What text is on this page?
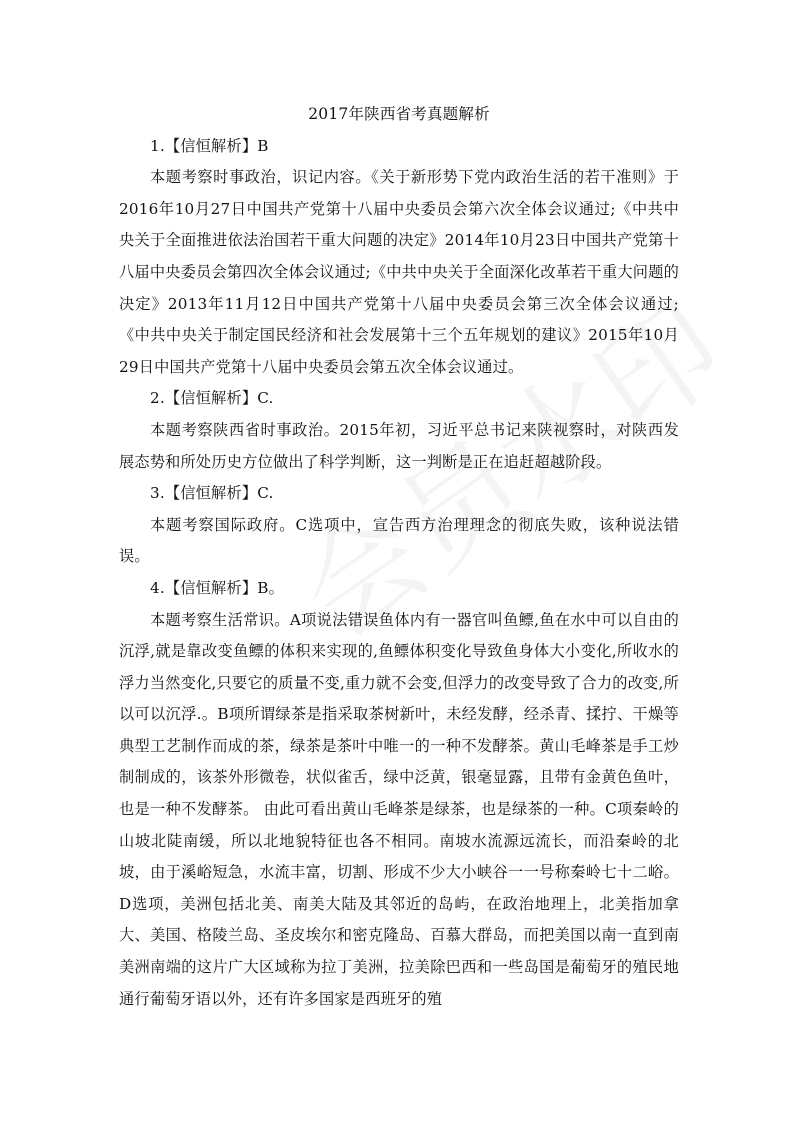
2017年陕西省考真题解析

1.【信恒解析】B

本题考察时事政治，识记内容。《关于新形势下党内政治生活的若干准则》于2016年10月27日中国共产党第十八届中央委员会第六次全体会议通过;《中共中央关于全面推进依法治国若干重大问题的决定》2014年10月23日中国共产党第十八届中央委员会第四次全体会议通过;《中共中央关于全面深化改革若干重大问题的决定》2013年11月12日中国共产党第十八届中央委员会第三次全体会议通过;《中共中央关于制定国民经济和社会发展第十三个五年规划的建议》2015年10月29日中国共产党第十八届中央委员会第五次全体会议通过。

2.【信恒解析】C.

本题考察陕西省时事政治。2015年初，习近平总书记来陕视察时，对陕西发展态势和所处历史方位做出了科学判断，这一判断是正在追赶超越阶段。

3.【信恒解析】C.

本题考察国际政府。C选项中，宣告西方治理理念的彻底失败，该种说法错误。

4.【信恒解析】B。

本题考察生活常识。A项说法错误鱼体内有一器官叫鱼鳔,鱼在水中可以自由的沉浮,就是靠改变鱼鳔的体积来实现的,鱼鳔体积变化导致鱼身体大小变化,所收水的浮力当然变化,只要它的质量不变,重力就不会变,但浮力的改变导致了合力的改变,所以可以沉浮.。B项所谓绿茶是指采取茶树新叶，未经发酵，经杀青、揉拧、干燥等典型工艺制作而成的茶，绿茶是茶叶中唯一的一种不发酵茶。黄山毛峰茶是手工炒制制成的，该茶外形微卷，状似雀舌，绿中泛黄，银毫显露，且带有金黄色鱼叶，也是一种不发酵茶。 由此可看出黄山毛峰茶是绿茶，也是绿茶的一种。C项秦岭的山坡北陡南缓，所以北地貌特征也各不相同。南坡水流源远流长，而沿秦岭的北坡，由于溪峪短急，水流丰富，切割、形成不少大小峡谷一一号称秦岭七十二峪。D选项，美洲包括北美、南美大陆及其邻近的岛屿，在政治地理上，北美指加拿大、美国、格陵兰岛、圣皮埃尔和密克隆岛、百慕大群岛，而把美国以南一直到南美洲南端的这片广大区域称为拉丁美洲，拉美除巴西和一些岛国是葡萄牙的殖民地通行葡萄牙语以外，还有许多国家是西班牙的殖
